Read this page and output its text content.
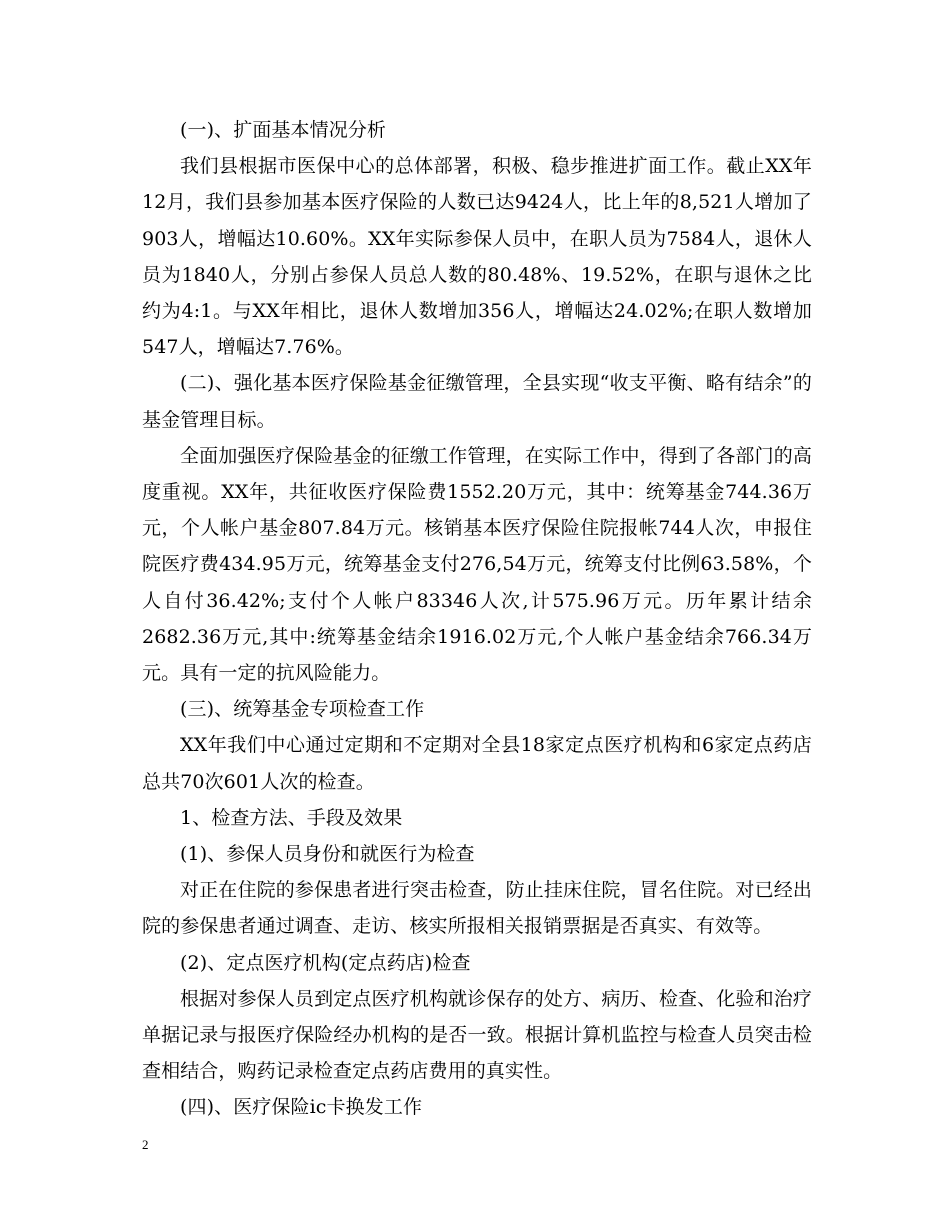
(一)、扩面基本情况分析

我们县根据市医保中心的总体部署，积极、稳步推进扩面工作。截止XX年12月，我们县参加基本医疗保险的人数已达9424人，比上年的8,521人增加了903人，增幅达10.60%。XX年实际参保人员中，在职人员为7584人，退休人员为1840人，分别占参保人员总人数的80.48%、19.52%，在职与退休之比约为4:1。与XX年相比，退休人数增加356人，增幅达24.02%;在职人数增加547人，增幅达7.76%。

(二)、强化基本医疗保险基金征缴管理，全县实现“收支平衡、略有结余”的基金管理目标。

全面加强医疗保险基金的征缴工作管理，在实际工作中，得到了各部门的高度重视。XX年，共征收医疗保险费1552.20万元，其中：统筹基金744.36万元，个人帐户基金807.84万元。核销基本医疗保险住院报帐744人次，申报住院医疗费434.95万元，统筹基金支付276,54万元，统筹支付比例63.58%，个人自付36.42%;支付个人帐户83346人次,计575.96万元。历年累计结余2682.36万元,其中:统筹基金结余1916.02万元,个人帐户基金结余766.34万元。具有一定的抗风险能力。

(三)、统筹基金专项检查工作

XX年我们中心通过定期和不定期对全县18家定点医疗机构和6家定点药店总共70次601人次的检查。

1、检查方法、手段及效果

(1)、参保人员身份和就医行为检查

对正在住院的参保患者进行突击检查，防止挂床住院，冒名住院。对已经出院的参保患者通过调查、走访、核实所报相关报销票据是否真实、有效等。

(2)、定点医疗机构(定点药店)检查

根据对参保人员到定点医疗机构就诊保存的处方、病历、检查、化验和治疗单据记录与报医疗保险经办机构的是否一致。根据计算机监控与检查人员突击检查相结合，购药记录检查定点药店费用的真实性。

(四)、医疗保险ic卡换发工作

2
